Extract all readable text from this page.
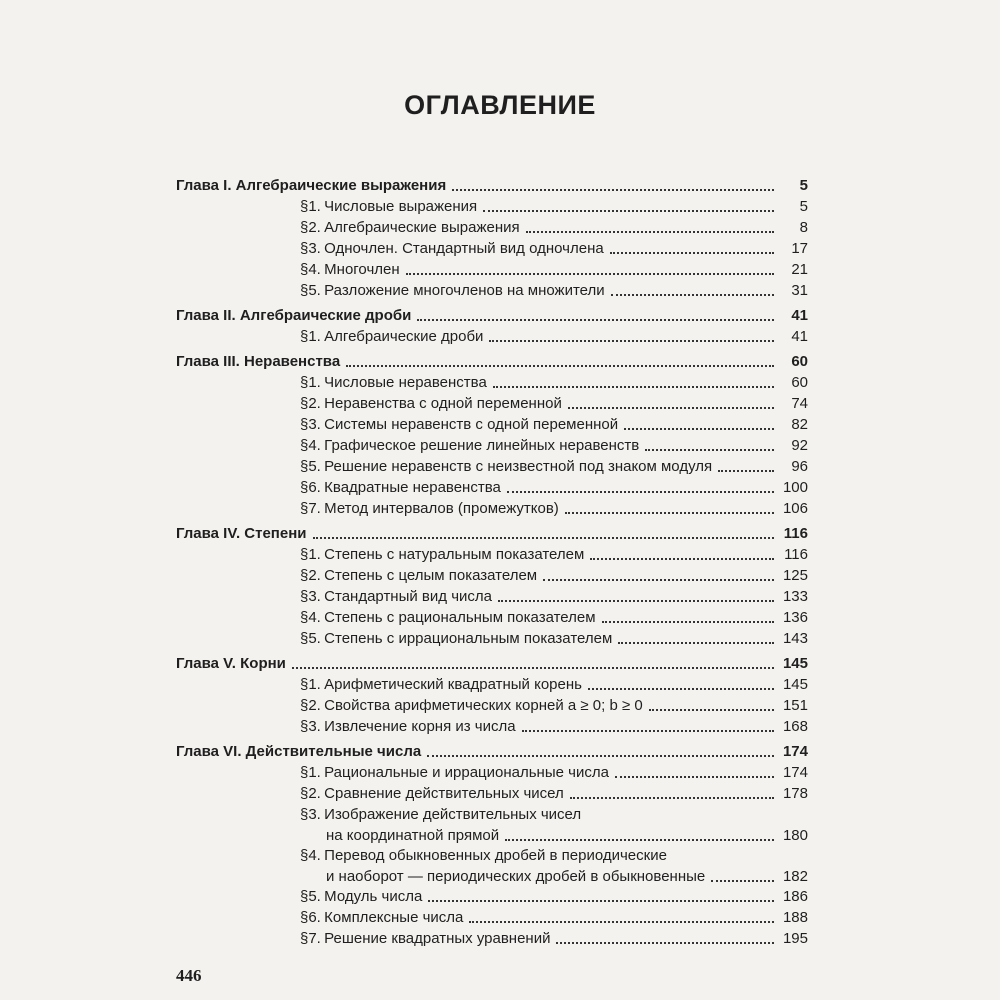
ОГЛАВЛЕНИЕ
Глава I. Алгебраические выражения	5
§1. Числовые выражения	5
§2. Алгебраические выражения	8
§3. Одночлен. Стандартный вид одночлена	17
§4. Многочлен	21
§5. Разложение многочленов на множители	31
Глава II. Алгебраические дроби	41
§1. Алгебраические дроби	41
Глава III. Неравенства	60
§1. Числовые неравенства	60
§2. Неравенства с одной переменной	74
§3. Системы неравенств с одной переменной	82
§4. Графическое решение линейных неравенств	92
§5. Решение неравенств с неизвестной под знаком модуля	96
§6. Квадратные неравенства	100
§7. Метод интервалов (промежутков)	106
Глава IV. Степени	116
§1. Степень с натуральным показателем	116
§2. Степень с целым показателем	125
§3. Стандартный вид числа	133
§4. Степень с рациональным показателем	136
§5. Степень с иррациональным показателем	143
Глава V. Корни	145
§1. Арифметический квадратный корень	145
§2. Свойства арифметических корней a ≥ 0; b ≥ 0	151
§3. Извлечение корня из числа	168
Глава VI. Действительные числа	174
§1. Рациональные и иррациональные числа	174
§2. Сравнение действительных чисел	178
§3. Изображение действительных чисел
на координатной прямой	180
§4. Перевод обыкновенных дробей в периодические
и наоборот — периодических дробей в обыкновенные	182
§5. Модуль числа	186
§6. Комплексные числа	188
§7. Решение квадратных уравнений	195
446
